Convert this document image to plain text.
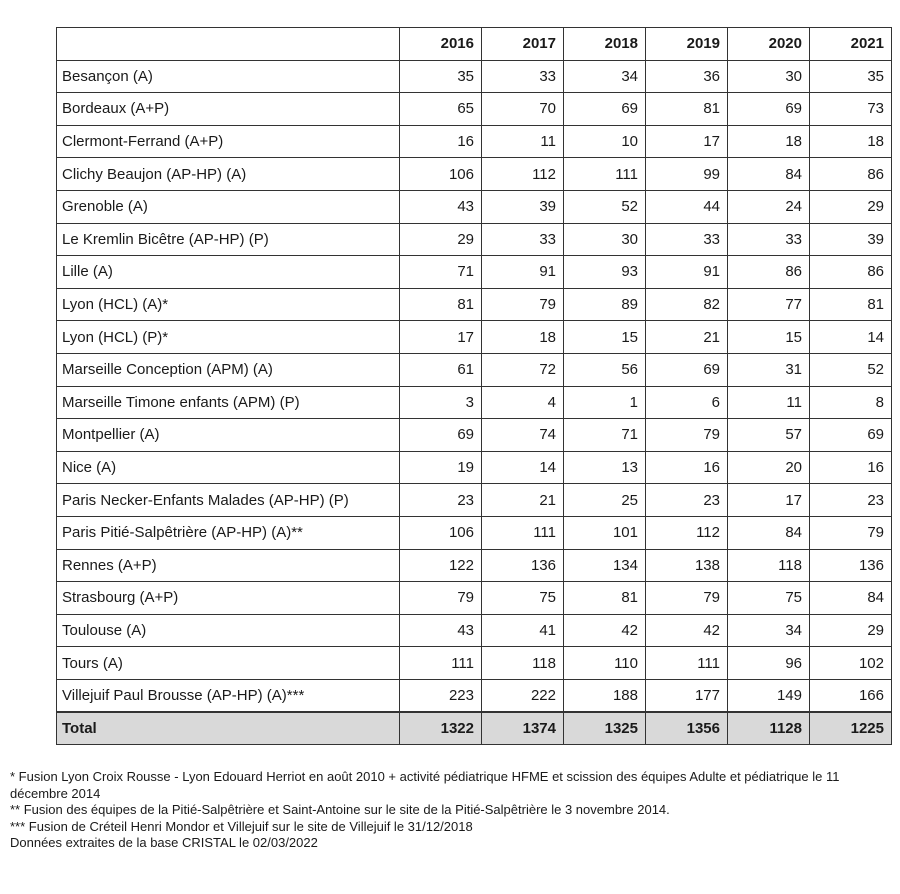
	2016	2017	2018	2019	2020	2021
Besançon (A)	35	33	34	36	30	35
Bordeaux (A+P)	65	70	69	81	69	73
Clermont-Ferrand (A+P)	16	11	10	17	18	18
Clichy Beaujon (AP-HP) (A)	106	112	111	99	84	86
Grenoble (A)	43	39	52	44	24	29
Le Kremlin Bicêtre (AP-HP) (P)	29	33	30	33	33	39
Lille (A)	71	91	93	91	86	86
Lyon (HCL) (A)*	81	79	89	82	77	81
Lyon (HCL) (P)*	17	18	15	21	15	14
Marseille Conception (APM) (A)	61	72	56	69	31	52
Marseille Timone enfants (APM) (P)	3	4	1	6	11	8
Montpellier (A)	69	74	71	79	57	69
Nice (A)	19	14	13	16	20	16
Paris Necker-Enfants Malades (AP-HP) (P)	23	21	25	23	17	23
Paris Pitié-Salpêtrière (AP-HP) (A)**	106	111	101	112	84	79
Rennes (A+P)	122	136	134	138	118	136
Strasbourg (A+P)	79	75	81	79	75	84
Toulouse (A)	43	41	42	42	34	29
Tours (A)	111	118	110	111	96	102
Villejuif Paul Brousse (AP-HP) (A)***	223	222	188	177	149	166
Total	1322	1374	1325	1356	1128	1225

* Fusion Lyon Croix Rousse - Lyon Edouard Herriot en août 2010 + activité pédiatrique HFME et scission des équipes Adulte et pédiatrique le 11 décembre 2014

** Fusion des équipes de la Pitié-Salpêtrière et Saint-Antoine sur le site de la Pitié-Salpêtrière le 3 novembre 2014.

*** Fusion de Créteil Henri Mondor et Villejuif sur le site de Villejuif le 31/12/2018

Données extraites de la base CRISTAL le 02/03/2022
